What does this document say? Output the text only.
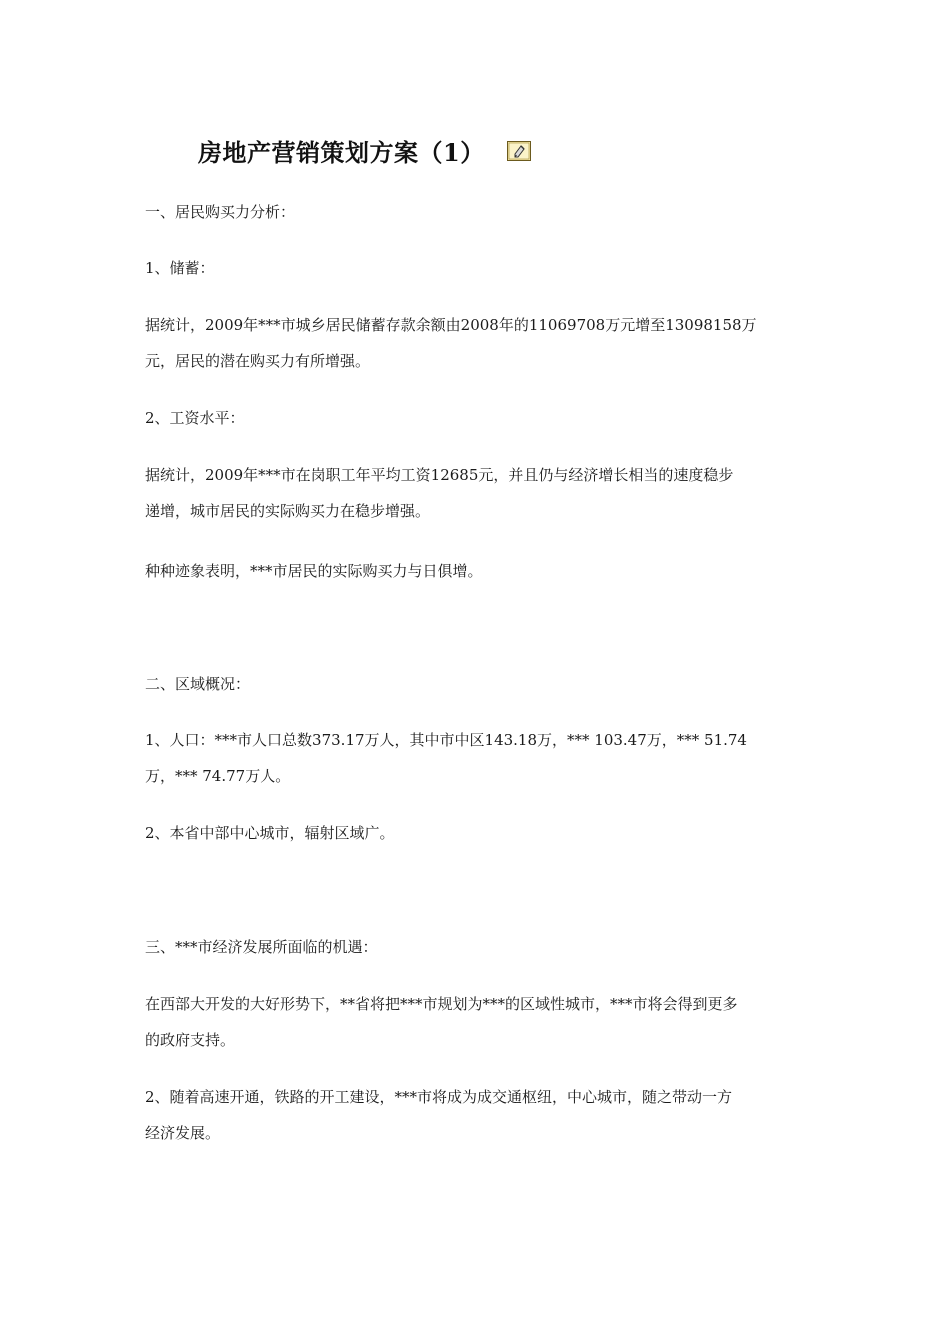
房地产营销策划方案（1）
一、居民购买力分析：
1、储蓄：
据统计，2009年***市城乡居民储蓄存款余额由2008年的11069708万元增至13098158万
元，居民的潜在购买力有所增强。
2、工资水平：
据统计，2009年***市在岗职工年平均工资12685元，并且仍与经济增长相当的速度稳步
递增，城市居民的实际购买力在稳步增强。
种种迹象表明，***市居民的实际购买力与日俱增。
二、区域概况：
1、人口：***市人口总数373.17万人，其中市中区143.18万，*** 103.47万，*** 51.74
万，*** 74.77万人。
2、本省中部中心城市，辐射区域广。
三、***市经济发展所面临的机遇：
在西部大开发的大好形势下，**省将把***市规划为***的区域性城市，***市将会得到更多
的政府支持。
2、随着高速开通，铁路的开工建设，***市将成为成交通枢纽，中心城市，随之带动一方
经济发展。
